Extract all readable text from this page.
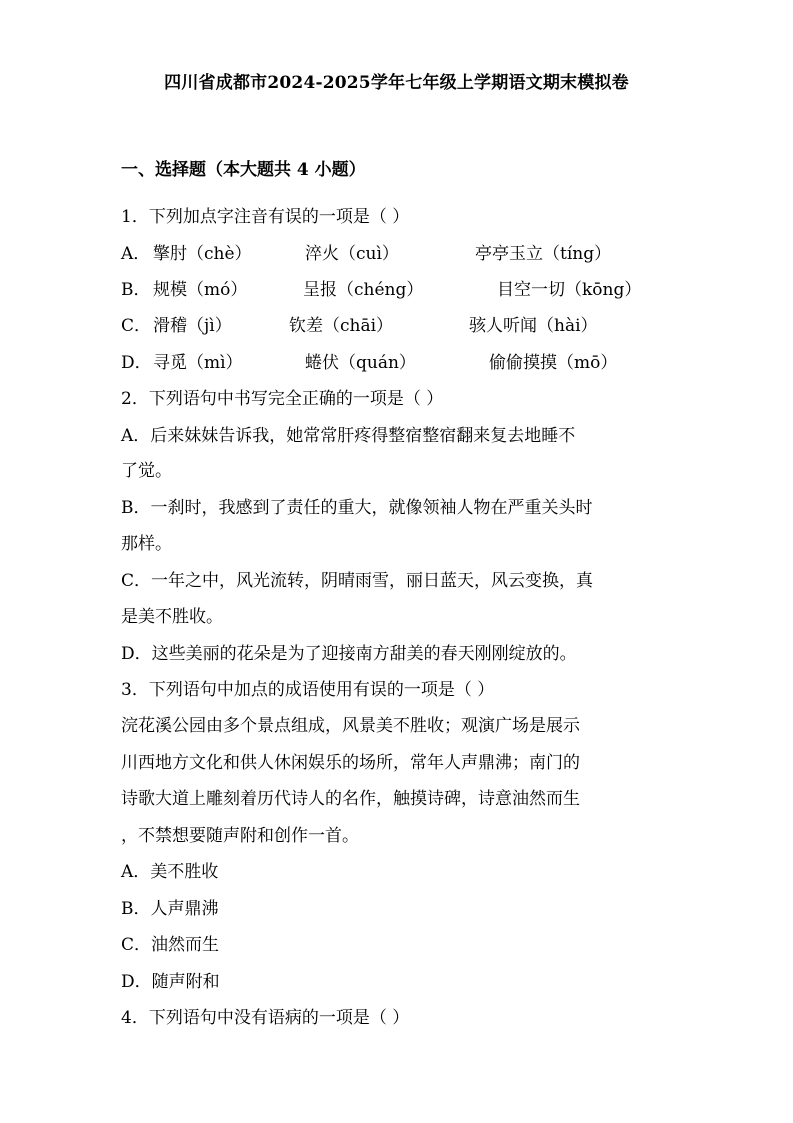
四川省成都市2024-2025学年七年级上学期语文期末模拟卷
一、选择题（本大题共 4 小题）
1．下列加点字注音有误的一项是（ ）
A． 擎肘（chè）	淬火（cuì）	亭亭玉立（tíng）
B． 规模（mó）	呈报（chéng）	目空一切（kōng）
C． 滑稽（jì）	钦差（chāi）	骇人听闻（hài）
D． 寻觅（mì）	蜷伏（quán）	偷偷摸摸（mō）
2．下列语句中书写完全正确的一项是（ ）
A．后来妹妹告诉我，她常常肝疼得整宿整宿翻来复去地睡不
了觉。
B．一刹时，我感到了责任的重大，就像领袖人物在严重关头时
那样。
C．一年之中，风光流转，阴晴雨雪，丽日蓝天，风云变换，真
是美不胜收。
D．这些美丽的花朵是为了迎接南方甜美的春天刚刚绽放的。
3．下列语句中加点的成语使用有误的一项是（ ）
浣花溪公园由多个景点组成，风景美不胜收；观演广场是展示
川西地方文化和供人休闲娱乐的场所，常年人声鼎沸；南门的
诗歌大道上雕刻着历代诗人的名作，触摸诗碑，诗意油然而生
，不禁想要随声附和创作一首。
A．美不胜收
B．人声鼎沸
C．油然而生
D．随声附和
4．下列语句中没有语病的一项是（ ）
